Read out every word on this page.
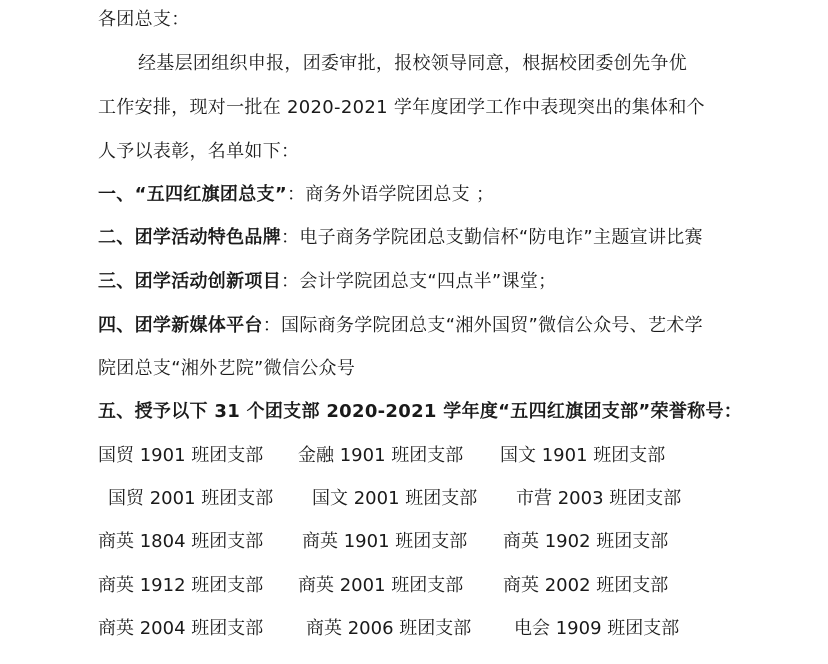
各团总支：
经基层团组织申报，团委审批，报校领导同意，根据校团委创先争优
工作安排，现对一批在 2020-2021 学年度团学工作中表现突出的集体和个
人予以表彰，名单如下：
一、“五四红旗团总支”：商务外语学院团总支 ；
二、团学活动特色品牌：电子商务学院团总支勤信杯“防电诈”主题宣讲比赛
三、团学活动创新项目：会计学院团总支“四点半”课堂；
四、团学新媒体平台：国际商务学院团总支“湘外国贸”微信公众号、艺术学
院团总支“湘外艺院”微信公众号
五、授予以下 31 个团支部 2020-2021 学年度“五四红旗团支部”荣誉称号：
国贸 1901 班团支部 金融 1901 班团支部 国文 1901 班团支部
国贸 2001 班团支部 国文 2001 班团支部 市营 2003 班团支部
商英 1804 班团支部 商英 1901 班团支部 商英 1902 班团支部
商英 1912 班团支部 商英 2001 班团支部 商英 2002 班团支部
商英 2004 班团支部 商英 2006 班团支部 电会 1909 班团支部
